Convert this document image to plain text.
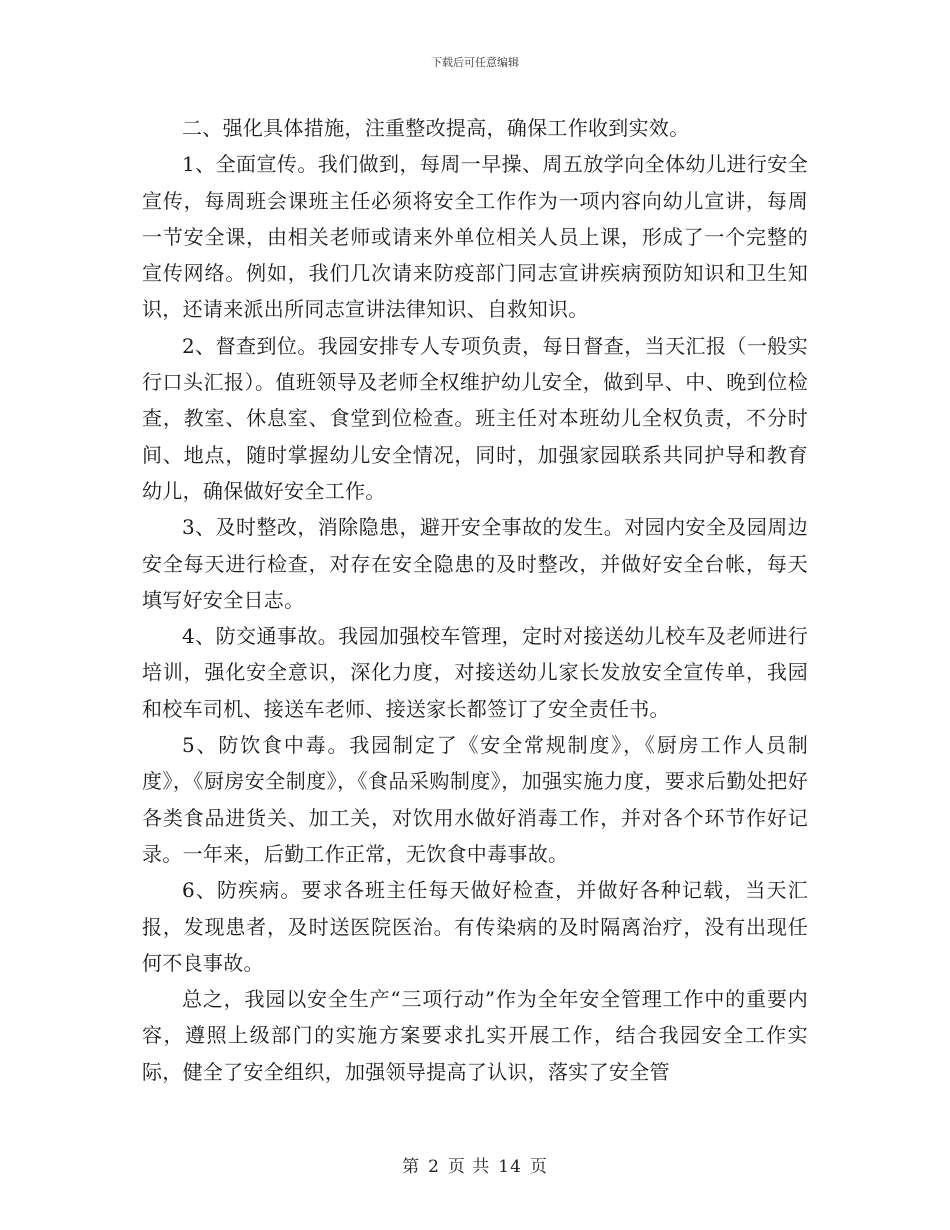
下载后可任意编辑

二、强化具体措施，注重整改提高，确保工作收到实效。

1、全面宣传。我们做到，每周一早操、周五放学向全体幼儿进行安全宣传，每周班会课班主任必须将安全工作作为一项内容向幼儿宣讲，每周一节安全课，由相关老师或请来外单位相关人员上课，形成了一个完整的宣传网络。例如，我们几次请来防疫部门同志宣讲疾病预防知识和卫生知识，还请来派出所同志宣讲法律知识、自救知识。

2、督查到位。我园安排专人专项负责，每日督查，当天汇报（一般实行口头汇报）。值班领导及老师全权维护幼儿安全，做到早、中、晚到位检查，教室、休息室、食堂到位检查。班主任对本班幼儿全权负责，不分时间、地点，随时掌握幼儿安全情况，同时，加强家园联系共同护导和教育幼儿，确保做好安全工作。

3、及时整改，消除隐患，避开安全事故的发生。对园内安全及园周边安全每天进行检查，对存在安全隐患的及时整改，并做好安全台帐，每天填写好安全日志。

4、防交通事故。我园加强校车管理，定时对接送幼儿校车及老师进行培训，强化安全意识，深化力度，对接送幼儿家长发放安全宣传单，我园和校车司机、接送车老师、接送家长都签订了安全责任书。

5、防饮食中毒。我园制定了《安全常规制度》，《厨房工作人员制度》，《厨房安全制度》，《食品采购制度》，加强实施力度，要求后勤处把好各类食品进货关、加工关，对饮用水做好消毒工作，并对各个环节作好记录。一年来，后勤工作正常，无饮食中毒事故。

6、防疾病。要求各班主任每天做好检查，并做好各种记载，当天汇报，发现患者，及时送医院医治。有传染病的及时隔离治疗，没有出现任何不良事故。

总之，我园以安全生产“三项行动”作为全年安全管理工作中的重要内容，遵照上级部门的实施方案要求扎实开展工作，结合我园安全工作实际，健全了安全组织，加强领导提高了认识，落实了安全管

第 2 页 共 14 页
